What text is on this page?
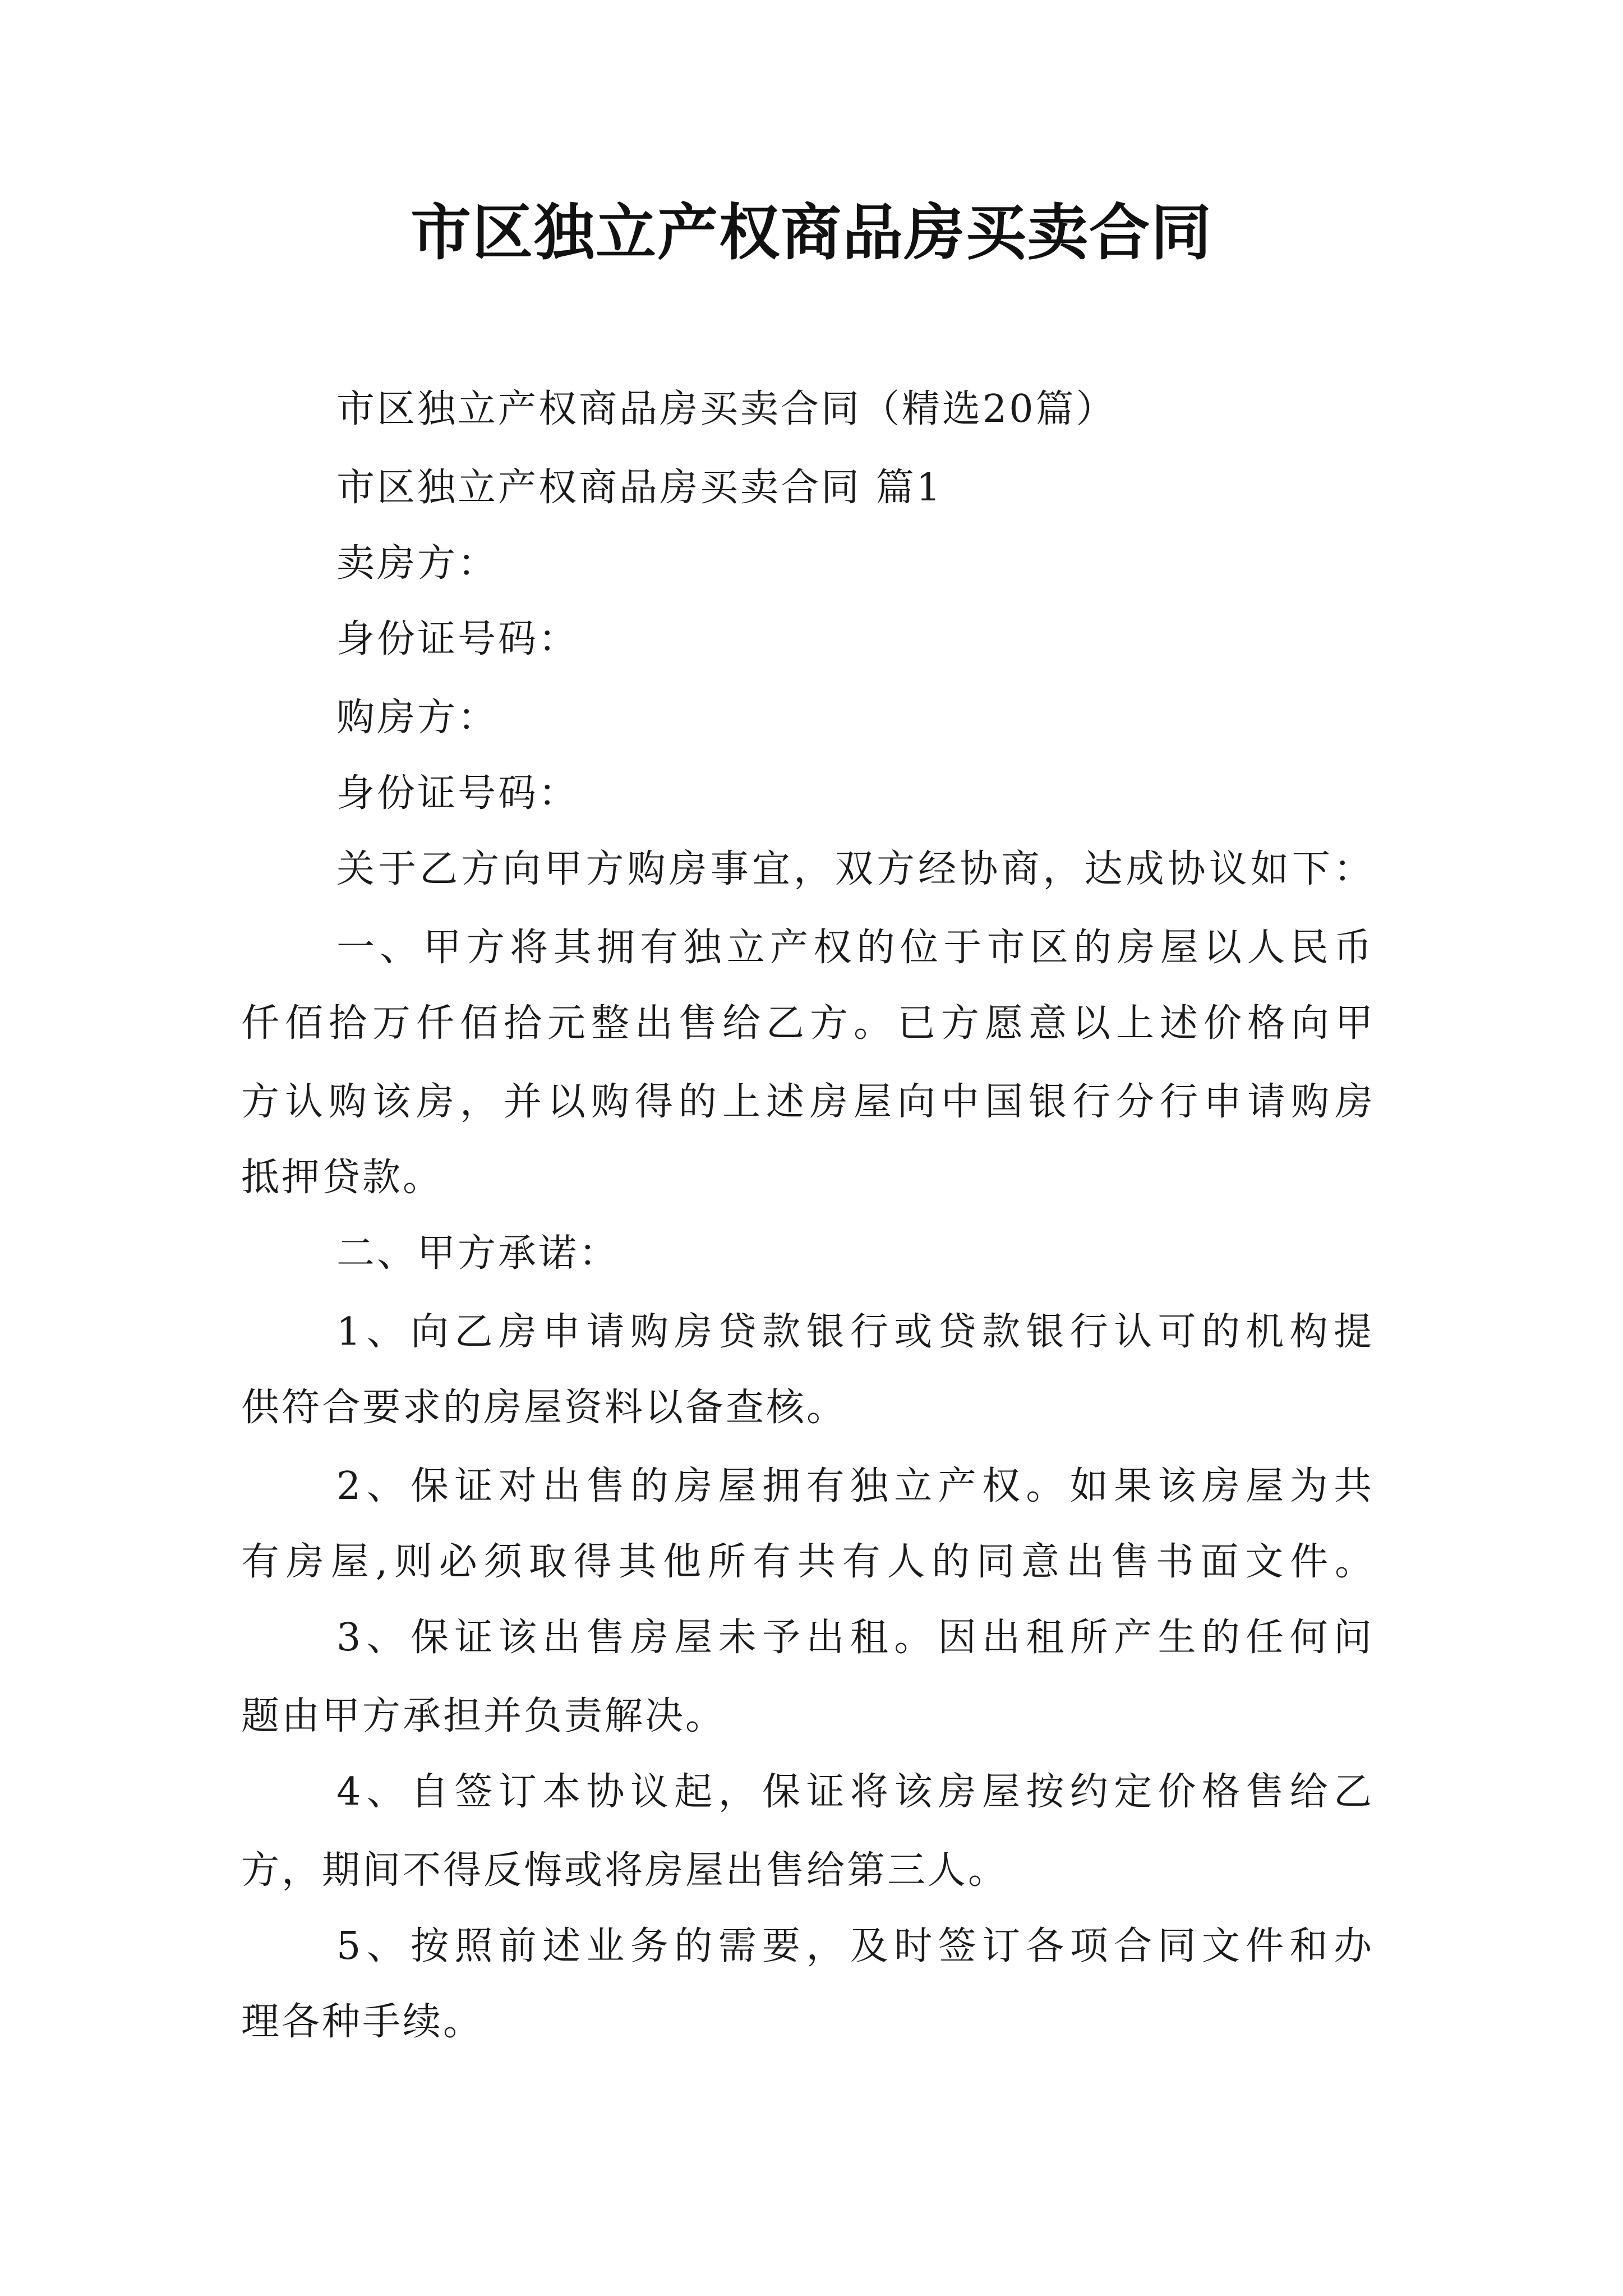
市区独立产权商品房买卖合同
市区独立产权商品房买卖合同（精选20篇）
市区独立产权商品房买卖合同 篇1
卖房方：
身份证号码：
购房方：
身份证号码：
关于乙方向甲方购房事宜，双方经协商，达成协议如下：
一、甲方将其拥有独立产权的位于市区的房屋以人民币
仟佰拾万仟佰拾元整出售给乙方。已方愿意以上述价格向甲
方认购该房，并以购得的上述房屋向中国银行分行申请购房
抵押贷款。
二、甲方承诺：
1、向乙房申请购房贷款银行或贷款银行认可的机构提
供符合要求的房屋资料以备查核。
2、保证对出售的房屋拥有独立产权。如果该房屋为共
有房屋,则必须取得其他所有共有人的同意出售书面文件。
3、保证该出售房屋未予出租。因出租所产生的任何问
题由甲方承担并负责解决。
4、自签订本协议起，保证将该房屋按约定价格售给乙
方，期间不得反悔或将房屋出售给第三人。
5、按照前述业务的需要，及时签订各项合同文件和办
理各种手续。
